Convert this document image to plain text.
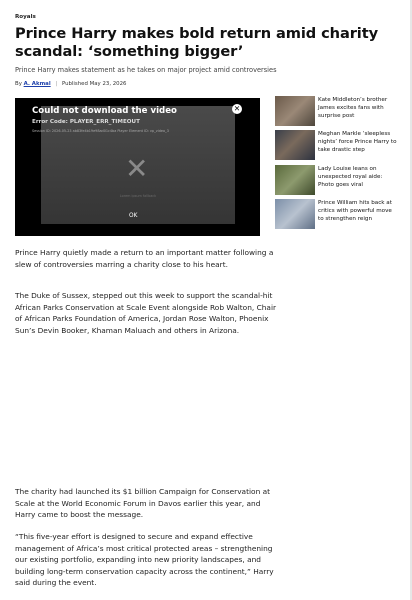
Royals
Prince Harry makes bold return amid charity scandal: ‘something bigger’

Prince Harry makes statement as he takes on major project amid controversies

By A. Akmal | Published May 23, 2026
Could not download the video
Error Code: PLAYER_ERR_TIMEOUT
Session ID: 2026-05-23 ab83fe4b19e98ad01c4ba Player Element ID: vp_video_3
✕
✕
Lorem ipsum fallback
OK
Kate Middleton’s brother James excites fans with surprise post
Meghan Markle ‘sleepless nights’ force Prince Harry to take drastic step
Lady Louise leans on unexpected royal aide: Photo goes viral
Prince William hits back at critics with powerful move to strengthen reign

Prince Harry quietly made a return to an important matter following a slew of controversies marring a charity close to his heart.

The Duke of Sussex, stepped out this week to support the scandal-hit African Parks Conservation at Scale Event alongside Rob Walton, Chair of African Parks Foundation of America, Jordan Rose Walton, Phoenix Sun’s Devin Booker, Khaman Maluach and others in Arizona.

The charity had launched its $1 billion Campaign for Conservation at Scale at the World Economic Forum in Davos earlier this year, and Harry came to boost the message.

“This five-year effort is designed to secure and expand effective management of Africa’s most critical protected areas – strengthening our existing portfolio, expanding into new priority landscapes, and building long-term conservation capacity across the continent,” Harry said during the event.
